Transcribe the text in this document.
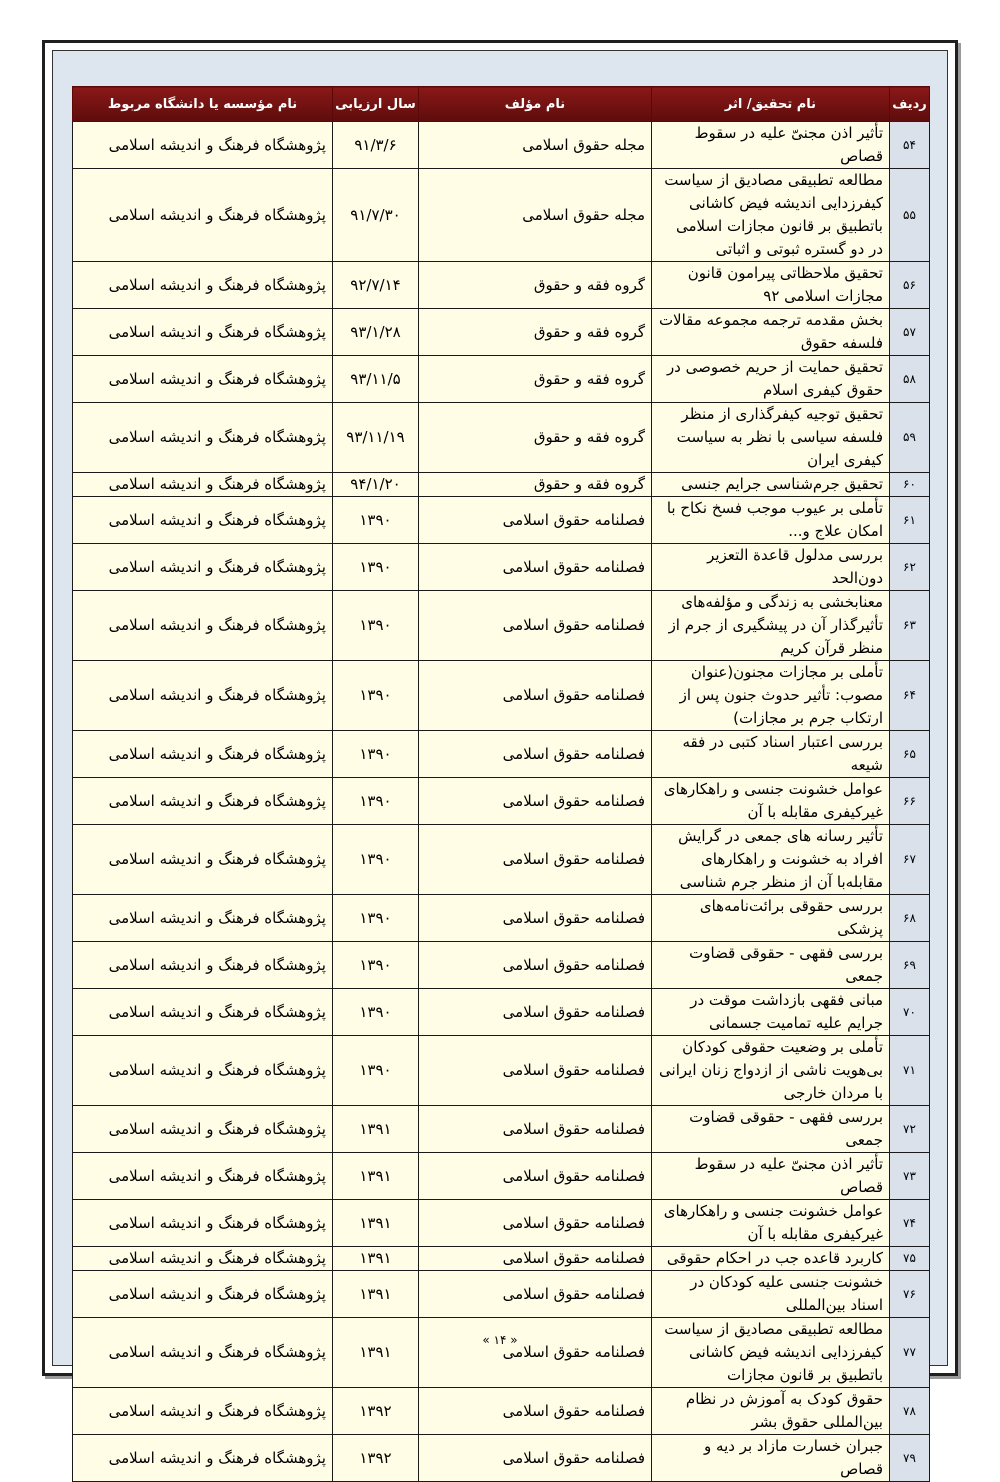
ردیف	نام تحقیق/ اثر	نام مؤلف	سال ارزیابی	نام مؤسسه یا دانشگاه مربوط
۵۴	تأثیر اذن مجنیّ علیه در سقوط قصاص	مجله حقوق اسلامی	۹۱/۳/۶	پژوهشگاه فرهنگ و اندیشه اسلامی
۵۵	مطالعه تطبیقی مصادیق از سیاست کیفرزدایی اندیشه فیض کاشانی باتطبیق بر قانون مجازات اسلامی در دو گستره ثبوتی و اثباتی	مجله حقوق اسلامی	۹۱/۷/۳۰	پژوهشگاه فرهنگ و اندیشه اسلامی
۵۶	تحقیق ملاحظاتی پیرامون قانون مجازات اسلامی ۹۲	گروه فقه و حقوق	۹۲/۷/۱۴	پژوهشگاه فرهنگ و اندیشه اسلامی
۵۷	بخش مقدمه ترجمه مجموعه مقالات فلسفه حقوق	گروه فقه و حقوق	۹۳/۱/۲۸	پژوهشگاه فرهنگ و اندیشه اسلامی
۵۸	تحقیق حمایت از حریم خصوصی در حقوق کیفری اسلام	گروه فقه و حقوق	۹۳/۱۱/۵	پژوهشگاه فرهنگ و اندیشه اسلامی
۵۹	تحقیق توجیه کیفرگذاری از منظر فلسفه سیاسی با نظر به سیاست کیفری ایران	گروه فقه و حقوق	۹۳/۱۱/۱۹	پژوهشگاه فرهنگ و اندیشه اسلامی
۶۰	تحقیق جرم‌شناسی جرایم جنسی	گروه فقه و حقوق	۹۴/۱/۲۰	پژوهشگاه فرهنگ و اندیشه اسلامی
۶۱	تأملی بر عیوب موجب فسخ نکاح با امکان علاج و...	فصلنامه حقوق اسلامی	۱۳۹۰	پژوهشگاه فرهنگ و اندیشه اسلامی
۶۲	بررسی مدلول قاعدة التعزیر دون‌الحد	فصلنامه حقوق اسلامی	۱۳۹۰	پژوهشگاه فرهنگ و اندیشه اسلامی
۶۳	معنابخشی به زندگی و مؤلفه‌های تأثیرگذار آن در پیشگیری از جرم از منظر قرآن کریم	فصلنامه حقوق اسلامی	۱۳۹۰	پژوهشگاه فرهنگ و اندیشه اسلامی
۶۴	تأملی بر مجازات مجنون(عنوان مصوب: تأثیر حدوث جنون پس از ارتکاب جرم بر مجازات)	فصلنامه حقوق اسلامی	۱۳۹۰	پژوهشگاه فرهنگ و اندیشه اسلامی
۶۵	بررسی اعتبار اسناد کتبی در فقه شیعه	فصلنامه حقوق اسلامی	۱۳۹۰	پژوهشگاه فرهنگ و اندیشه اسلامی
۶۶	عوامل خشونت جنسی و راهکارهای غیرکیفری مقابله با آن	فصلنامه حقوق اسلامی	۱۳۹۰	پژوهشگاه فرهنگ و اندیشه اسلامی
۶۷	تأثیر رسانه های جمعی در گرایش افراد به خشونت و راهکارهای مقابله‌با آن از منظر جرم شناسی	فصلنامه حقوق اسلامی	۱۳۹۰	پژوهشگاه فرهنگ و اندیشه اسلامی
۶۸	بررسی حقوقی برائت‌نامه‌های پزشکی	فصلنامه حقوق اسلامی	۱۳۹۰	پژوهشگاه فرهنگ و اندیشه اسلامی
۶۹	بررسی فقهی - حقوقی قضاوت جمعی	فصلنامه حقوق اسلامی	۱۳۹۰	پژوهشگاه فرهنگ و اندیشه اسلامی
۷۰	مبانی فقهی بازداشت موقت در جرایم علیه تمامیت جسمانی	فصلنامه حقوق اسلامی	۱۳۹۰	پژوهشگاه فرهنگ و اندیشه اسلامی
۷۱	تأملی بر وضعیت حقوقی کودکان بی‌هویت ناشی از ازدواج زنان ایرانی با مردان خارجی	فصلنامه حقوق اسلامی	۱۳۹۰	پژوهشگاه فرهنگ و اندیشه اسلامی
۷۲	بررسی فقهی - حقوقی قضاوت جمعی	فصلنامه حقوق اسلامی	۱۳۹۱	پژوهشگاه فرهنگ و اندیشه اسلامی
۷۳	تأثیر اذن مجنیّ علیه در سقوط قصاص	فصلنامه حقوق اسلامی	۱۳۹۱	پژوهشگاه فرهنگ و اندیشه اسلامی
۷۴	عوامل خشونت جنسی و راهکارهای غیرکیفری مقابله با آن	فصلنامه حقوق اسلامی	۱۳۹۱	پژوهشگاه فرهنگ و اندیشه اسلامی
۷۵	کاربرد قاعده جب در احکام حقوقی	فصلنامه حقوق اسلامی	۱۳۹۱	پژوهشگاه فرهنگ و اندیشه اسلامی
۷۶	خشونت جنسی علیه کودکان در اسناد بین‌المللی	فصلنامه حقوق اسلامی	۱۳۹۱	پژوهشگاه فرهنگ و اندیشه اسلامی
۷۷	مطالعه تطبیقی مصادیق از سیاست کیفرزدایی اندیشه فیض کاشانی باتطبیق بر قانون مجازات	فصلنامه حقوق اسلامی	۱۳۹۱	پژوهشگاه فرهنگ و اندیشه اسلامی
۷۸	حقوق کودک به آموزش در نظام بین‌المللی حقوق بشر	فصلنامه حقوق اسلامی	۱۳۹۲	پژوهشگاه فرهنگ و اندیشه اسلامی
۷۹	جبران خسارت مازاد بر دیه و قصاص	فصلنامه حقوق اسلامی	۱۳۹۲	پژوهشگاه فرهنگ و اندیشه اسلامی
« ۱۴ »
